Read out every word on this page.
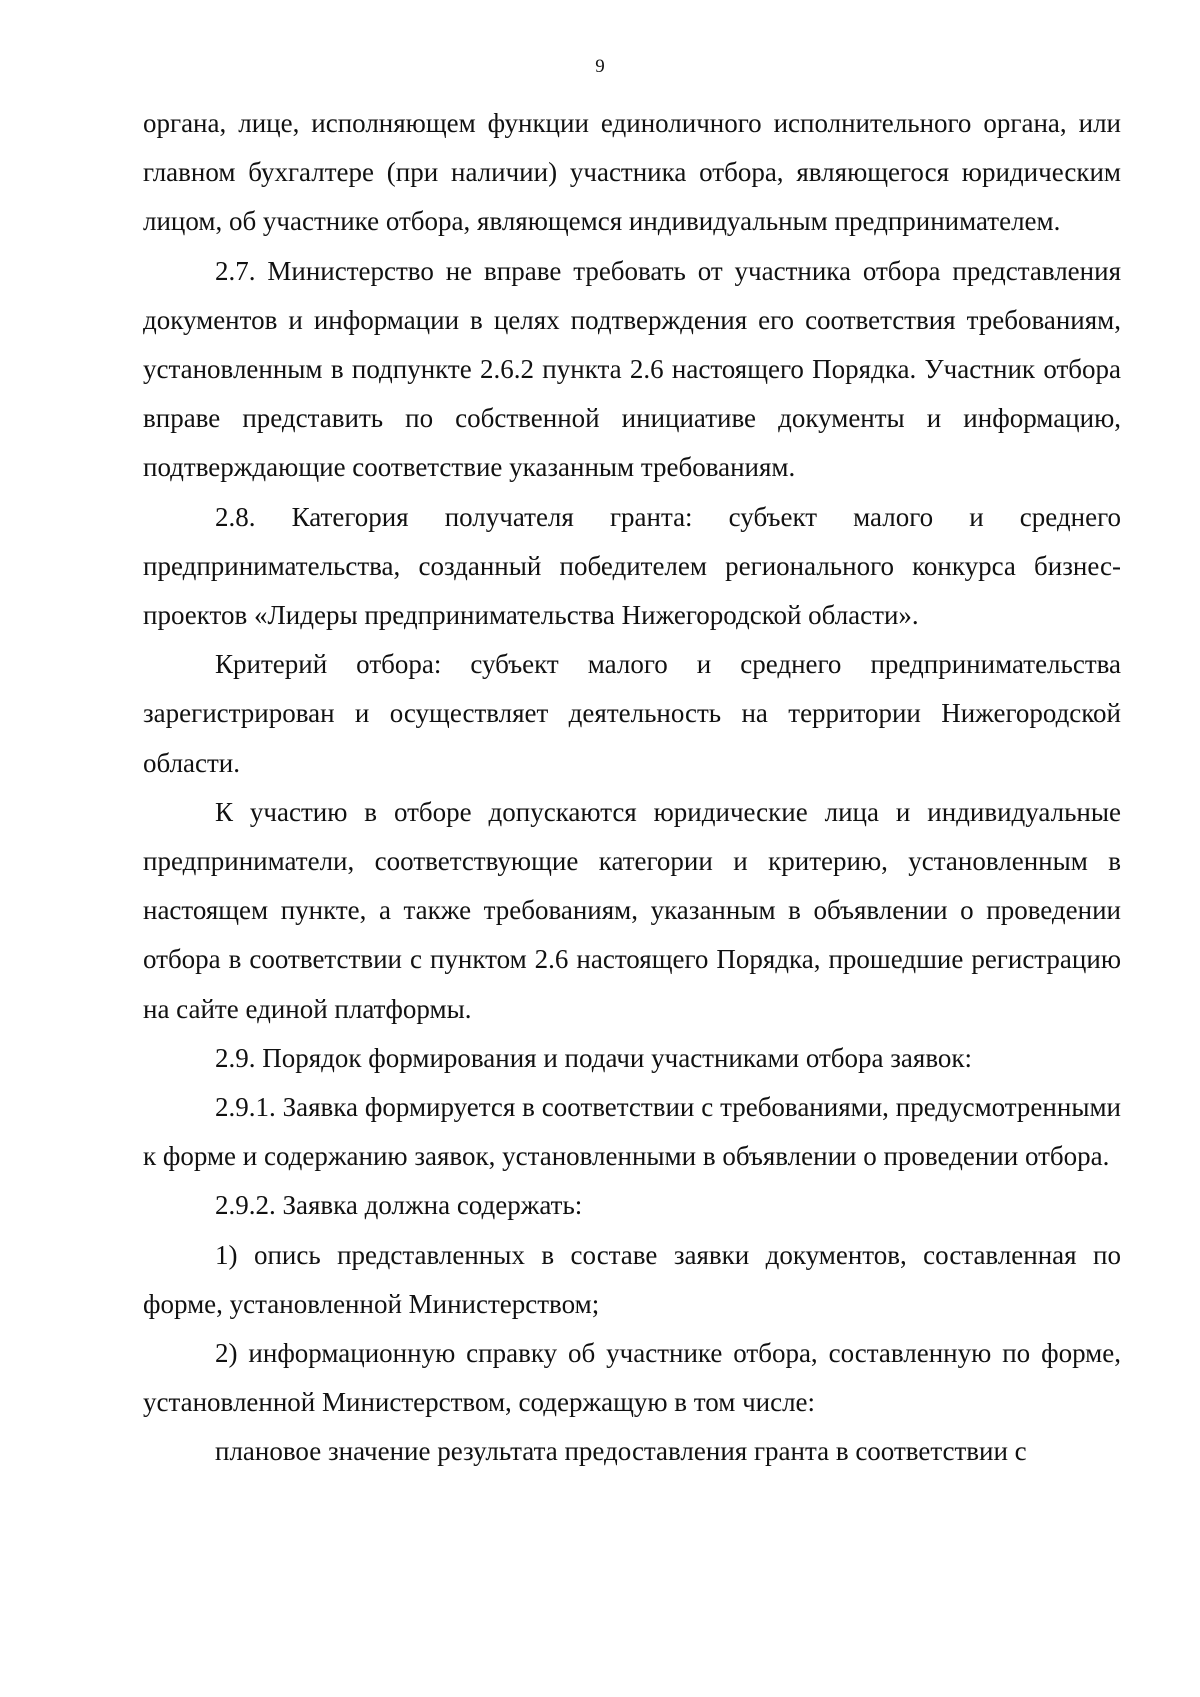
9

органа, лице, исполняющем функции единоличного исполнительного органа, или главном бухгалтере (при наличии) участника отбора, являющегося юридическим лицом, об участнике отбора, являющемся индивидуальным предпринимателем.

2.7. Министерство не вправе требовать от участника отбора представления документов и информации в целях подтверждения его соответствия требованиям, установленным в подпункте 2.6.2 пункта 2.6 настоящего Порядка. Участник отбора вправе представить по собственной инициативе документы и информацию, подтверждающие соответствие указанным требованиям.

2.8. Категория получателя гранта: субъект малого и среднего предпринимательства, созданный победителем регионального конкурса бизнес-проектов «Лидеры предпринимательства Нижегородской области».

Критерий отбора: субъект малого и среднего предпринимательства зарегистрирован и осуществляет деятельность на территории Нижегородской области.

К участию в отборе допускаются юридические лица и индивидуальные предприниматели, соответствующие категории и критерию, установленным в настоящем пункте, а также требованиям, указанным в объявлении о проведении отбора в соответствии с пунктом 2.6 настоящего Порядка, прошедшие регистрацию на сайте единой платформы.

2.9. Порядок формирования и подачи участниками отбора заявок:

2.9.1. Заявка формируется в соответствии с требованиями, предусмотренными к форме и содержанию заявок, установленными в объявлении о проведении отбора.

2.9.2. Заявка должна содержать:

1) опись представленных в составе заявки документов, составленная по форме, установленной Министерством;

2) информационную справку об участнике отбора, составленную по форме, установленной Министерством, содержащую в том числе:

плановое значение результата предоставления гранта в соответствии с
